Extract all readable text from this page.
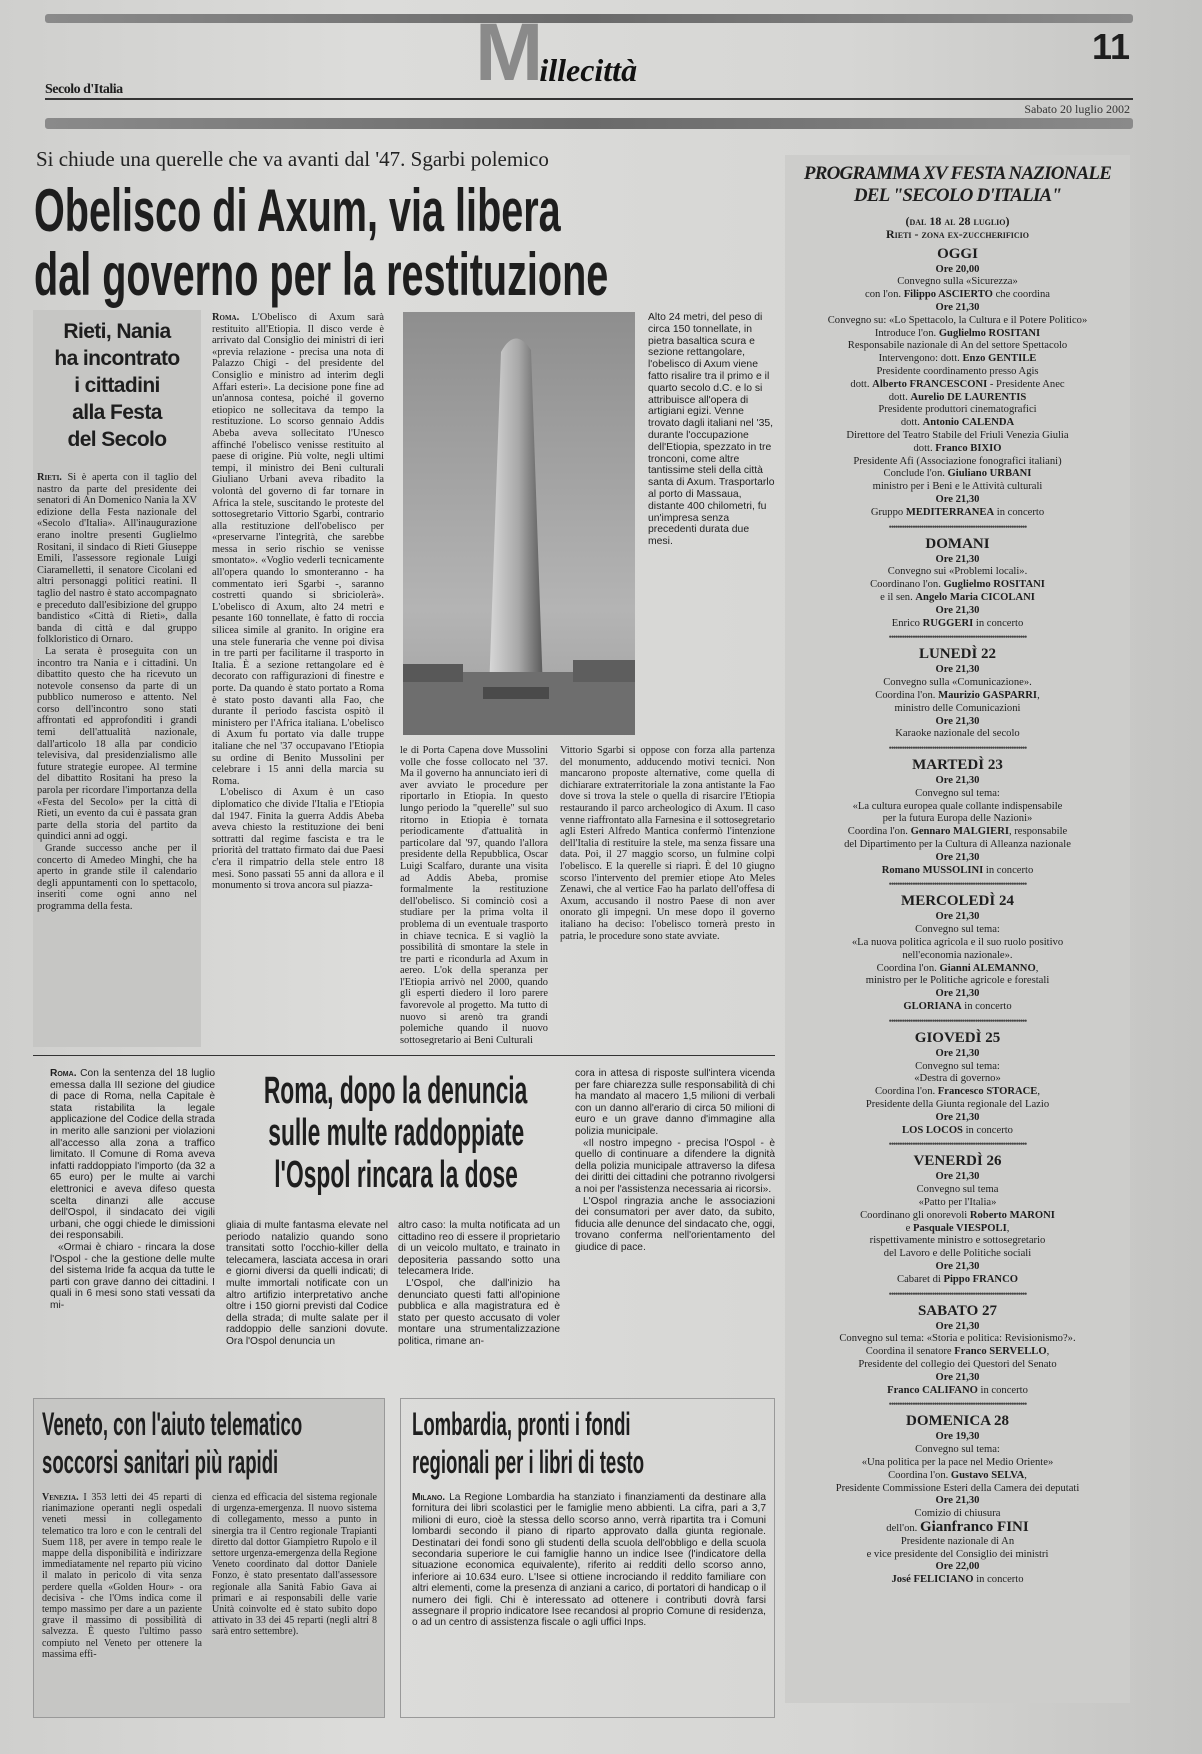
M illecittà
11
Secolo d'Italia
Sabato 20 luglio 2002
Si chiude una querelle che va avanti dal '47. Sgarbi polemico
Obelisco di Axum, via libera
dal governo per la restituzione
Rieti, Nania
ha incontrato
i cittadini
alla Festa
del Secolo

Rieti. Si è aperta con il taglio del nastro da parte del presidente dei senatori di An Domenico Nania la XV edizione della Festa nazionale del «Secolo d'Italia». All'inaugurazione erano inoltre presenti Guglielmo Rositani, il sindaco di Rieti Giuseppe Emili, l'assessore regionale Luigi Ciaramelletti, il senatore Cicolani ed altri personaggi politici reatini. Il taglio del nastro è stato accompagnato e preceduto dall'esibizione del gruppo bandistico «Città di Rieti», dalla banda di città e dal gruppo folkloristico di Ornaro.

La serata è proseguita con un incontro tra Nania e i cittadini. Un dibattito questo che ha ricevuto un notevole consenso da parte di un pubblico numeroso e attento. Nel corso dell'incontro sono stati affrontati ed approfonditi i grandi temi dell'attualità nazionale, dall'articolo 18 alla par condicio televisiva, dal presidenzialismo alle future strategie europee. Al termine del dibattito Rositani ha preso la parola per ricordare l'importanza della «Festa del Secolo» per la città di Rieti, un evento da cui è passata gran parte della storia del partito da quindici anni ad oggi.

Grande successo anche per il concerto di Amedeo Minghi, che ha aperto in grande stile il calendario degli appuntamenti con lo spettacolo, inseriti come ogni anno nel programma della festa.

Roma. L'Obelisco di Axum sarà restituito all'Etiopia. Il disco verde è arrivato dal Consiglio dei ministri di ieri «previa relazione - precisa una nota di Palazzo Chigi - del presidente del Consiglio e ministro ad interim degli Affari esteri». La decisione pone fine ad un'annosa contesa, poiché il governo etiopico ne sollecitava da tempo la restituzione. Lo scorso gennaio Addis Abeba aveva sollecitato l'Unesco affinché l'obelisco venisse restituito al paese di origine. Più volte, negli ultimi tempi, il ministro dei Beni culturali Giuliano Urbani aveva ribadito la volontà del governo di far tornare in Africa la stele, suscitando le proteste del sottosegretario Vittorio Sgarbi, contrario alla restituzione dell'obelisco per «preservarne l'integrità, che sarebbe messa in serio rischio se venisse smontato». «Voglio vederli tecnicamente all'opera quando lo smonteranno - ha commentato ieri Sgarbi -, saranno costretti quando si sbriciolerà». L'obelisco di Axum, alto 24 metri e pesante 160 tonnellate, è fatto di roccia silicea simile al granito. In origine era una stele funeraria che venne poi divisa in tre parti per facilitarne il trasporto in Italia. È a sezione rettangolare ed è decorato con raffigurazioni di finestre e porte. Da quando è stato portato a Roma è stato posto davanti alla Fao, che durante il periodo fascista ospitò il ministero per l'Africa italiana. L'obelisco di Axum fu portato via dalle truppe italiane che nel '37 occupavano l'Etiopia su ordine di Benito Mussolini per celebrare i 15 anni della marcia su Roma.

L'obelisco di Axum è un caso diplomatico che divide l'Italia e l'Etiopia dal 1947. Finita la guerra Addis Abeba aveva chiesto la restituzione dei beni sottratti dal regime fascista e tra le priorità del trattato firmato dai due Paesi c'era il rimpatrio della stele entro 18 mesi. Sono passati 55 anni da allora e il monumento si trova ancora sul piazza-

Alto 24 metri, del peso di circa 150 tonnellate, in pietra basaltica scura e sezione rettangolare, l'obelisco di Axum viene fatto risalire tra il primo e il quarto secolo d.C. e lo si attribuisce all'opera di artigiani egizi. Venne trovato dagli italiani nel '35, durante l'occupazione dell'Etiopia, spezzato in tre tronconi, come altre tantissime steli della città santa di Axum. Trasportarlo al porto di Massaua, distante 400 chilometri, fu un'impresa senza precedenti durata due mesi.

le di Porta Capena dove Mussolini volle che fosse collocato nel '37. Ma il governo ha annunciato ieri di aver avviato le procedure per riportarlo in Etiopia. In questo lungo periodo la "querelle" sul suo ritorno in Etiopia è tornata periodicamente d'attualità in particolare dal '97, quando l'allora presidente della Repubblica, Oscar Luigi Scalfaro, durante una visita ad Addis Abeba, promise formalmente la restituzione dell'obelisco. Si cominciò così a studiare per la prima volta il problema di un eventuale trasporto in chiave tecnica. E si vagliò la possibilità di smontare la stele in tre parti e ricondurla ad Axum in aereo. L'ok della speranza per l'Etiopia arrivò nel 2000, quando gli esperti diedero il loro parere favorevole al progetto. Ma tutto di nuovo si arenò tra grandi polemiche quando il nuovo sottosegretario ai Beni Culturali

Vittorio Sgarbi si oppose con forza alla partenza del monumento, adducendo motivi tecnici. Non mancarono proposte alternative, come quella di dichiarare extraterritoriale la zona antistante la Fao dove si trova la stele o quella di risarcire l'Etiopia restaurando il parco archeologico di Axum. Il caso venne riaffrontato alla Farnesina e il sottosegretario agli Esteri Alfredo Mantica confermò l'intenzione dell'Italia di restituire la stele, ma senza fissare una data. Poi, il 27 maggio scorso, un fulmine colpì l'obelisco. E la querelle si riaprì. È del 10 giugno scorso l'intervento del premier etiope Ato Meles Zenawi, che al vertice Fao ha parlato dell'offesa di Axum, accusando il nostro Paese di non aver onorato gli impegni. Un mese dopo il governo italiano ha deciso: l'obelisco tornerà presto in patria, le procedure sono state avviate.

Roma. Con la sentenza del 18 luglio emessa dalla III sezione del giudice di pace di Roma, nella Capitale è stata ristabilita la legale applicazione del Codice della strada in merito alle sanzioni per violazioni all'accesso alla zona a traffico limitato. Il Comune di Roma aveva infatti raddoppiato l'importo (da 32 a 65 euro) per le multe ai varchi elettronici e aveva difeso questa scelta dinanzi alle accuse dell'Ospol, il sindacato dei vigili urbani, che oggi chiede le dimissioni dei responsabili.

«Ormai è chiaro - rincara la dose l'Ospol - che la gestione delle multe del sistema Iride fa acqua da tutte le parti con grave danno dei cittadini. I quali in 6 mesi sono stati vessati da mi-

Roma, dopo la denuncia
sulle multe raddoppiate
l'Ospol rincara la dose

gliaia di multe fantasma elevate nel periodo natalizio quando sono transitati sotto l'occhio-killer della telecamera, lasciata accesa in orari e giorni diversi da quelli indicati; di multe immortali notificate con un altro artifizio interpretativo anche oltre i 150 giorni previsti dal Codice della strada; di multe salate per il raddoppio delle sanzioni dovute. Ora l'Ospol denuncia un

altro caso: la multa notificata ad un cittadino reo di essere il proprietario di un veicolo multato, e trainato in depositeria passando sotto una telecamera Iride.

L'Ospol, che dall'inizio ha denunciato questi fatti all'opinione pubblica e alla magistratura ed è stato per questo accusato di voler montare una strumentalizzazione politica, rimane an-

cora in attesa di risposte sull'intera vicenda per fare chiarezza sulle responsabilità di chi ha mandato al macero 1,5 milioni di verbali con un danno all'erario di circa 50 milioni di euro e un grave danno d'immagine alla polizia municipale.

«Il nostro impegno - precisa l'Ospol - è quello di continuare a difendere la dignità della polizia municipale attraverso la difesa dei diritti dei cittadini che potranno rivolgersi a noi per l'assistenza necessaria ai ricorsi».

L'Ospol ringrazia anche le associazioni dei consumatori per aver dato, da subito, fiducia alle denunce del sindacato che, oggi, trovano conferma nell'orientamento del giudice di pace.

Veneto, con l'aiuto telematico
soccorsi sanitari più rapidi

Venezia. I 353 letti dei 45 reparti di rianimazione operanti negli ospedali veneti messi in collegamento telematico tra loro e con le centrali del Suem 118, per avere in tempo reale le mappe della disponibilità e indirizzare immediatamente nel reparto più vicino il malato in pericolo di vita senza perdere quella «Golden Hour» - ora decisiva - che l'Oms indica come il tempo massimo per dare a un paziente grave il massimo di possibilità di salvezza. È questo l'ultimo passo compiuto nel Veneto per ottenere la massima effi-

cienza ed efficacia del sistema regionale di urgenza-emergenza. Il nuovo sistema di collegamento, messo a punto in sinergia tra il Centro regionale Trapianti diretto dal dottor Giampietro Rupolo e il settore urgenza-emergenza della Regione Veneto coordinato dal dottor Daniele Fonzo, è stato presentato dall'assessore regionale alla Sanità Fabio Gava ai primari e ai responsabili delle varie Unità coinvolte ed è stato subito dopo attivato in 33 dei 45 reparti (negli altri 8 sarà entro settembre).

Lombardia, pronti i fondi
regionali per i libri di testo

Milano. La Regione Lombardia ha stanziato i finanziamenti da destinare alla fornitura dei libri scolastici per le famiglie meno abbienti. La cifra, pari a 3,7 milioni di euro, cioè la stessa dello scorso anno, verrà ripartita tra i Comuni lombardi secondo il piano di riparto approvato dalla giunta regionale. Destinatari dei fondi sono gli studenti della scuola dell'obbligo e della scuola secondaria superiore le cui famiglie hanno un indice Isee (l'indicatore della situazione economica equivalente), riferito ai redditi dello scorso anno, inferiore ai 10.634 euro. L'Isee si ottiene incrociando il reddito familiare con altri elementi, come la presenza di anziani a carico, di portatori di handicap o il numero dei figli. Chi è interessato ad ottenere i contributi dovrà farsi assegnare il proprio indicatore Isee recandosi al proprio Comune di residenza, o ad un centro di assistenza fiscale o agli uffici Inps.

PROGRAMMA XV FESTA NAZIONALE
DEL "SECOLO D'ITALIA"
(dal 18 al 28 luglio)
Rieti - zona ex-zuccherificio
OGGI
Ore 20,00
Convegno sulla «Sicurezza»
con l'on. Filippo ASCIERTO che coordina
Ore 21,30
Convegno su: «Lo Spettacolo, la Cultura e il Potere Politico»
Introduce l'on. Guglielmo ROSITANI
Responsabile nazionale di An del settore Spettacolo
Intervengono: dott. Enzo GENTILE
Presidente coordinamento presso Agis
dott. Alberto FRANCESCONI - Presidente Anec
dott. Aurelio DE LAURENTIS
Presidente produttori cinematografici
dott. Antonio CALENDA
Direttore del Teatro Stabile del Friuli Venezia Giulia
dott. Franco BIXIO
Presidente Afi (Associazione fonografici italiani)
Conclude l'on. Giuliano URBANI
ministro per i Beni e le Attività culturali
Ore 21,30
Gruppo MEDITERRANEA in concerto
••••••••••••••••••••••••••••••••••••••••••••••••••••••••••••••••
DOMANI
Ore 21,30
Convegno sui «Problemi locali».
Coordinano l'on. Guglielmo ROSITANI
e il sen. Angelo Maria CICOLANI
Ore 21,30
Enrico RUGGERI in concerto
••••••••••••••••••••••••••••••••••••••••••••••••••••••••••••••••
LUNEDÌ 22
Ore 21,30
Convegno sulla «Comunicazione».
Coordina l'on. Maurizio GASPARRI,
ministro delle Comunicazioni
Ore 21,30
Karaoke nazionale del secolo
••••••••••••••••••••••••••••••••••••••••••••••••••••••••••••••••
MARTEDÌ 23
Ore 21,30
Convegno sul tema:
«La cultura europea quale collante indispensabile
per la futura Europa delle Nazioni»
Coordina l'on. Gennaro MALGIERI, responsabile
del Dipartimento per la Cultura di Alleanza nazionale
Ore 21,30
Romano MUSSOLINI in concerto
••••••••••••••••••••••••••••••••••••••••••••••••••••••••••••••••
MERCOLEDÌ 24
Ore 21,30
Convegno sul tema:
«La nuova politica agricola e il suo ruolo positivo
nell'economia nazionale».
Coordina l'on. Gianni ALEMANNO,
ministro per le Politiche agricole e forestali
Ore 21,30
GLORIANA in concerto
••••••••••••••••••••••••••••••••••••••••••••••••••••••••••••••••
GIOVEDÌ 25
Ore 21,30
Convegno sul tema:
«Destra di governo»
Coordina l'on. Francesco STORACE,
Presidente della Giunta regionale del Lazio
Ore 21,30
LOS LOCOS in concerto
••••••••••••••••••••••••••••••••••••••••••••••••••••••••••••••••
VENERDÌ 26
Ore 21,30
Convegno sul tema
«Patto per l'Italia»
Coordinano gli onorevoli Roberto MARONI
e Pasquale VIESPOLI,
rispettivamente ministro e sottosegretario
del Lavoro e delle Politiche sociali
Ore 21,30
Cabaret di Pippo FRANCO
••••••••••••••••••••••••••••••••••••••••••••••••••••••••••••••••
SABATO 27
Ore 21,30
Convegno sul tema: «Storia e politica: Revisionismo?».
Coordina il senatore Franco SERVELLO,
Presidente del collegio dei Questori del Senato
Ore 21,30
Franco CALIFANO in concerto
••••••••••••••••••••••••••••••••••••••••••••••••••••••••••••••••
DOMENICA 28
Ore 19,30
Convegno sul tema:
«Una politica per la pace nel Medio Oriente»
Coordina l'on. Gustavo SELVA,
Presidente Commissione Esteri della Camera dei deputati
Ore 21,30
Comizio di chiusura
dell'on. Gianfranco FINI
Presidente nazionale di An
e vice presidente del Consiglio dei ministri
Ore 22,00
José FELICIANO in concerto
